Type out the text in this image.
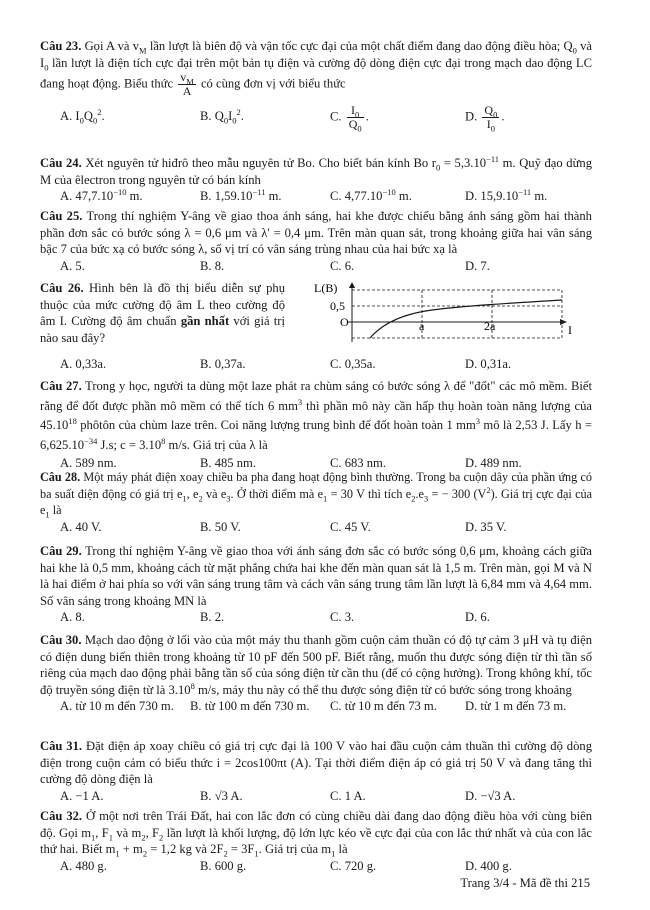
Câu 23. Gọi A và $v_M$ lần lượt là biên độ và vận tốc cực đại của một chất điểm đang dao động điều hòa; $Q_0$ và $I_0$ lần lượt là điện tích cực đại trên một bản tụ điện và cường độ dòng điện cực đại trong mạch dao động LC đang hoạt động. Biểu thức $\frac{v_M}{A}$ có cùng đơn vị với biểu thức
A. $I_0Q_0^2$.	B. $Q_0I_0^2$.	C. $\frac{I_0}{Q_0}$ .	D. $\frac{Q_0}{I_0}$ .
Câu 24. Xét nguyên tử hiđrô theo mẫu nguyên tử Bo. Cho biết bán kính Bo $r_0 = 5,3.10^{-11}$ m. Quỹ đạo dừng M của êlectron trong nguyên tử có bán kính
A. $47,7.10^{-10}$ m.	B. $1,59.10^{-11}$ m.	C. $4,77.10^{-10}$ m.	D. $15,9.10^{-11}$ m.
Câu 25. Trong thí nghiệm Y-âng về giao thoa ánh sáng, hai khe được chiếu bằng ánh sáng gồm hai thành phần đơn sắc có bước sóng λ = 0,6 μm và λ' = 0,4 μm. Trên màn quan sát, trong khoảng giữa hai vân sáng bậc 7 của bức xạ có bước sóng λ, số vị trí có vân sáng trùng nhau của hai bức xạ là
A. 5.	B. 8.	C. 6.	D. 7.
Câu 26. Hình bên là đồ thị biểu diễn sự phụ thuộc của mức cường độ âm L theo cường độ âm I. Cường độ âm chuẩn gần nhất với giá trị nào sau đây?
A. 0,33a.	B. 0,37a.	C. 0,35a.	D. 0,31a.
L(B)
0,5
O	a	2a	I
Câu 27. Trong y học, người ta dùng một laze phát ra chùm sáng có bước sóng λ để "đốt" các mô mềm. Biết rằng để đốt được phần mô mềm có thể tích 6 $mm^3$ thì phần mô này cần hấp thụ hoàn toàn năng lượng của 45.10$^{18}$ phôtôn của chùm laze trên. Coi năng lượng trung bình để đốt hoàn toàn 1 $mm^3$ mô là 2,53 J. Lấy $h = 6,625.10^{-34}$ J.s; $c = 3.10^8$ m/s. Giá trị của λ là
A. 589 nm.	B. 485 nm.	C. 683 nm.	D. 489 nm.
Câu 28. Một máy phát điện xoay chiều ba pha đang hoạt động bình thường. Trong ba cuộn dây của phần ứng có ba suất điện động có giá trị $e_1$, $e_2$ và $e_3$. Ở thời điểm mà $e_1 = 30$ V thì tích $e_2.e_3$ = − 300 $(V^2)$. Giá trị cực đại của $e_1$ là
A. 40 V.	B. 50 V.	C. 45 V.	D. 35 V.
Câu 29. Trong thí nghiệm Y-âng về giao thoa với ánh sáng đơn sắc có bước sóng 0,6 μm, khoảng cách giữa hai khe là 0,5 mm, khoảng cách từ mặt phẳng chứa hai khe đến màn quan sát là 1,5 m. Trên màn, gọi M và N là hai điểm ở hai phía so với vân sáng trung tâm và cách vân sáng trung tâm lần lượt là 6,84 mm và 4,64 mm. Số vân sáng trong khoảng MN là
A. 8.	B. 2.	C. 3.	D. 6.
Câu 30. Mạch dao động ở lối vào của một máy thu thanh gồm cuộn cảm thuần có độ tự cảm 3 μH và tụ điện có điện dung biến thiên trong khoảng từ 10 pF đến 500 pF. Biết rằng, muốn thu được sóng điện từ thì tần số riêng của mạch dao động phải bằng tần số của sóng điện từ cần thu (để có cộng hưởng). Trong không khí, tốc độ truyền sóng điện từ là 3.10$^8$ m/s, máy thu này có thể thu được sóng điện từ có bước sóng trong khoảng
A. từ 10 m đến 730 m. B. từ 100 m đến 730 m. C. từ 10 m đến 73 m. D. từ 1 m đến 73 m.
Câu 31. Đặt điện áp xoay chiều có giá trị cực đại là 100 V vào hai đầu cuộn cảm thuần thì cường độ dòng điện trong cuộn cảm có biểu thức i = 2cos100πt (A). Tại thời điểm điện áp có giá trị 50 V và đang tăng thì cường độ dòng điện là
A. −1 A.	B. √3 A.	C. 1 A.	D. −√3 A.
Câu 32. Ở một nơi trên Trái Đất, hai con lắc đơn có cùng chiều dài đang dao động điều hòa với cùng biên độ. Gọi $m_1$, $F_1$ và $m_2$, $F_2$ lần lượt là khối lượng, độ lớn lực kéo về cực đại của con lắc thứ nhất và của con lắc thứ hai. Biết $m_1 + m_2 = 1,2$ kg và $2F_2 = 3F_1$. Giá trị của $m_1$ là
A. 480 g.	B. 600 g.	C. 720 g.	D. 400 g.
Trang 3/4 - Mã đề thi 215
